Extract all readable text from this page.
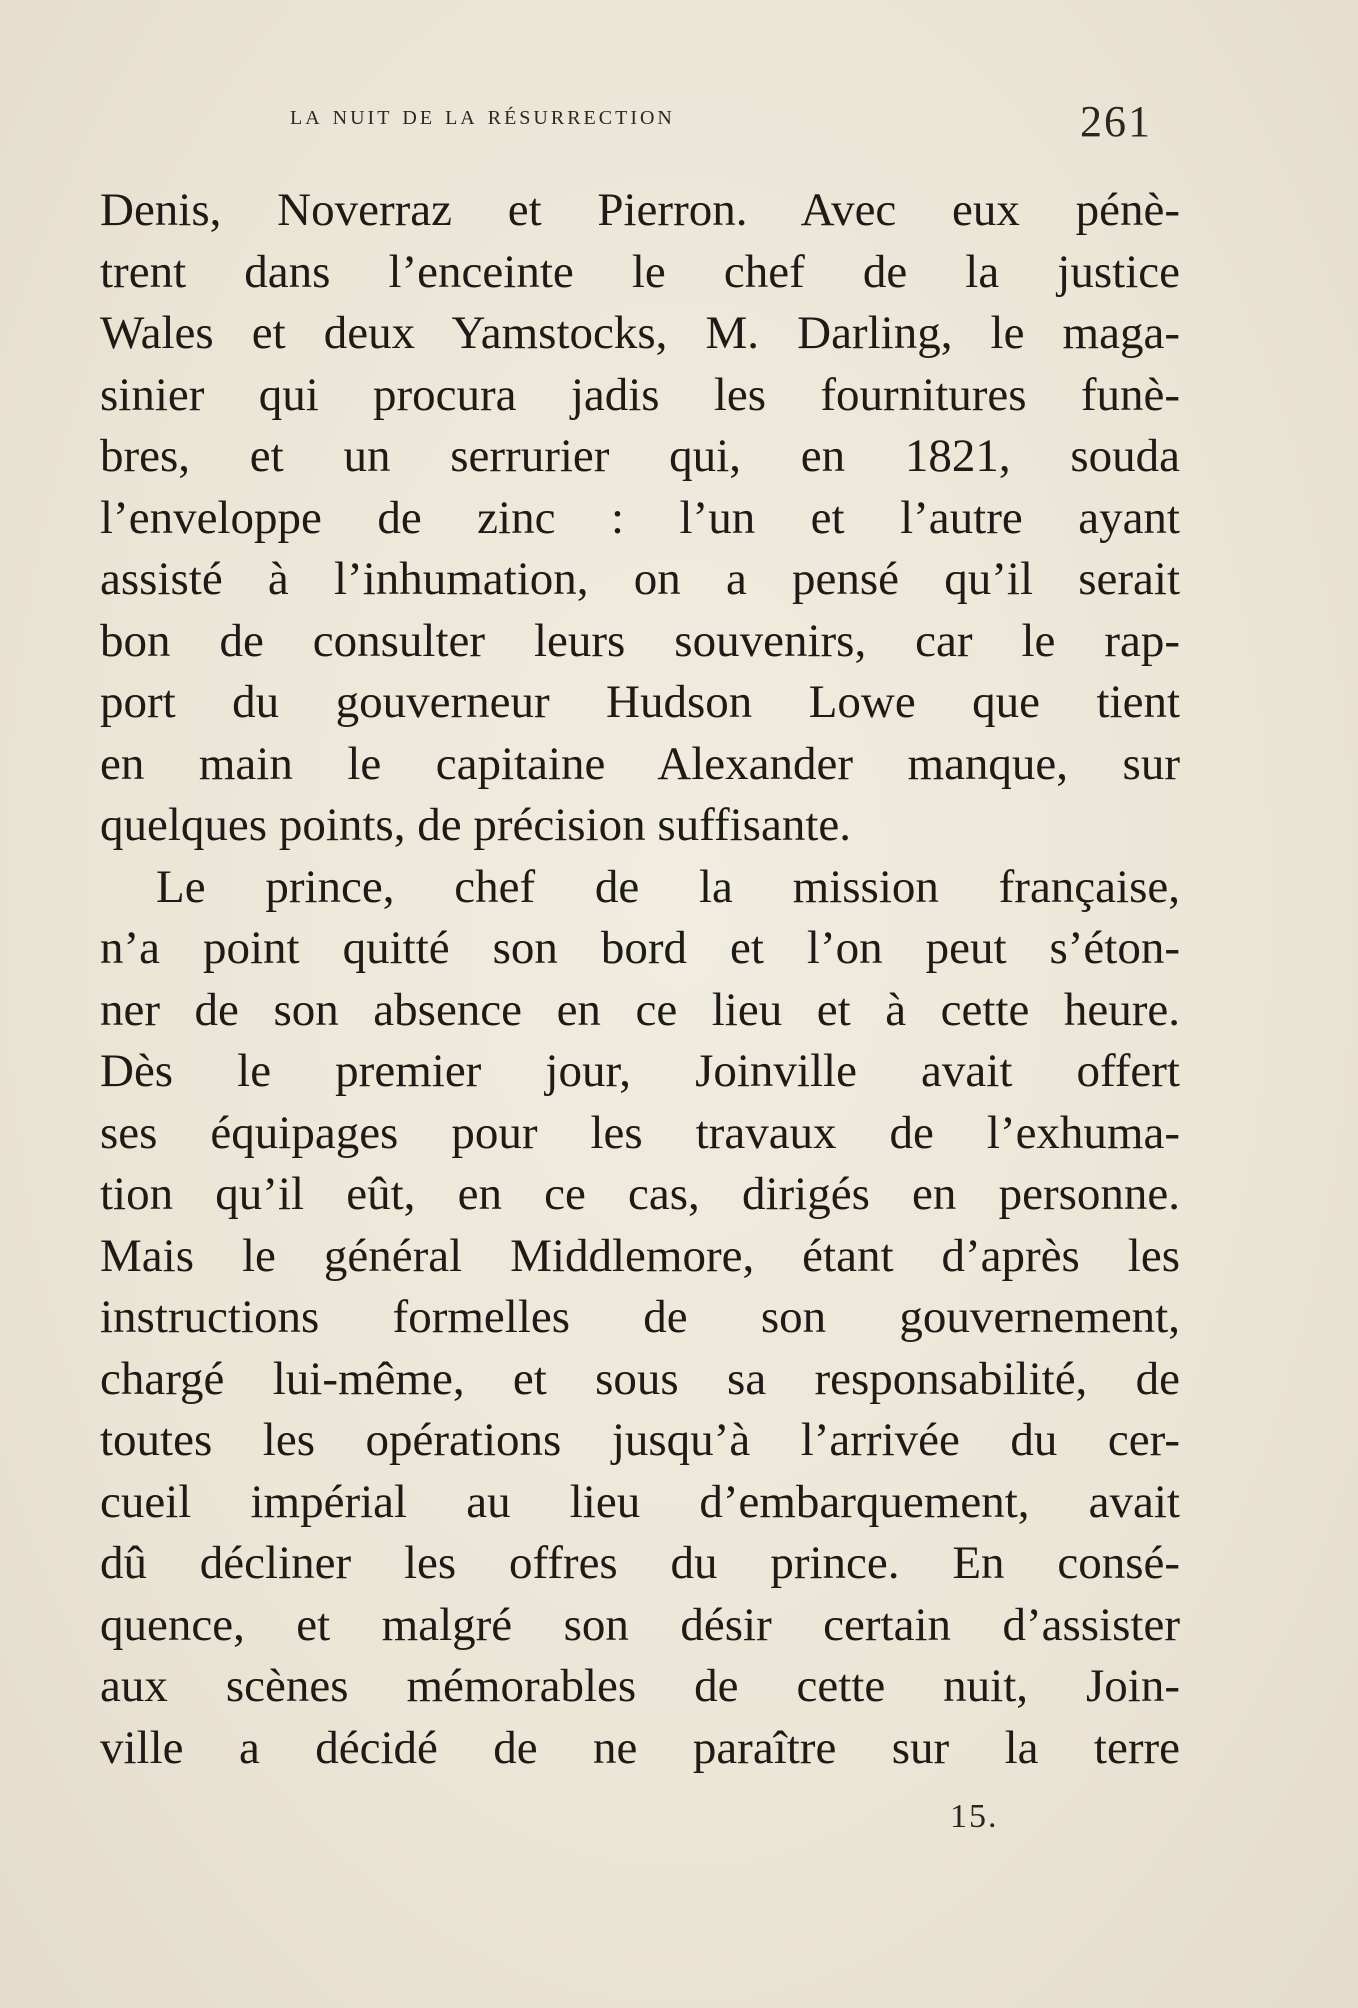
la nuit de la résurrection	261
Denis, Noverraz et Pierron. Avec eux pénè-
trent dans l’enceinte le chef de la justice
Wales et deux Yamstocks, M. Darling, le maga-
sinier qui procura jadis les fournitures funè-
bres, et un serrurier qui, en 1821, souda
l’enveloppe de zinc : l’un et l’autre ayant
assisté à l’inhumation, on a pensé qu’il serait
bon de consulter leurs souvenirs, car le rap-
port du gouverneur Hudson Lowe que tient
en main le capitaine Alexander manque, sur
quelques points, de précision suffisante.
Le prince, chef de la mission française,
n’a point quitté son bord et l’on peut s’éton-
ner de son absence en ce lieu et à cette heure.
Dès le premier jour, Joinville avait offert
ses équipages pour les travaux de l’exhuma-
tion qu’il eût, en ce cas, dirigés en personne.
Mais le général Middlemore, étant d’après les
instructions formelles de son gouvernement,
chargé lui-même, et sous sa responsabilité, de
toutes les opérations jusqu’à l’arrivée du cer-
cueil impérial au lieu d’embarquement, avait
dû décliner les offres du prince. En consé-
quence, et malgré son désir certain d’assister
aux scènes mémorables de cette nuit, Join-
ville a décidé de ne paraître sur la terre
15.
